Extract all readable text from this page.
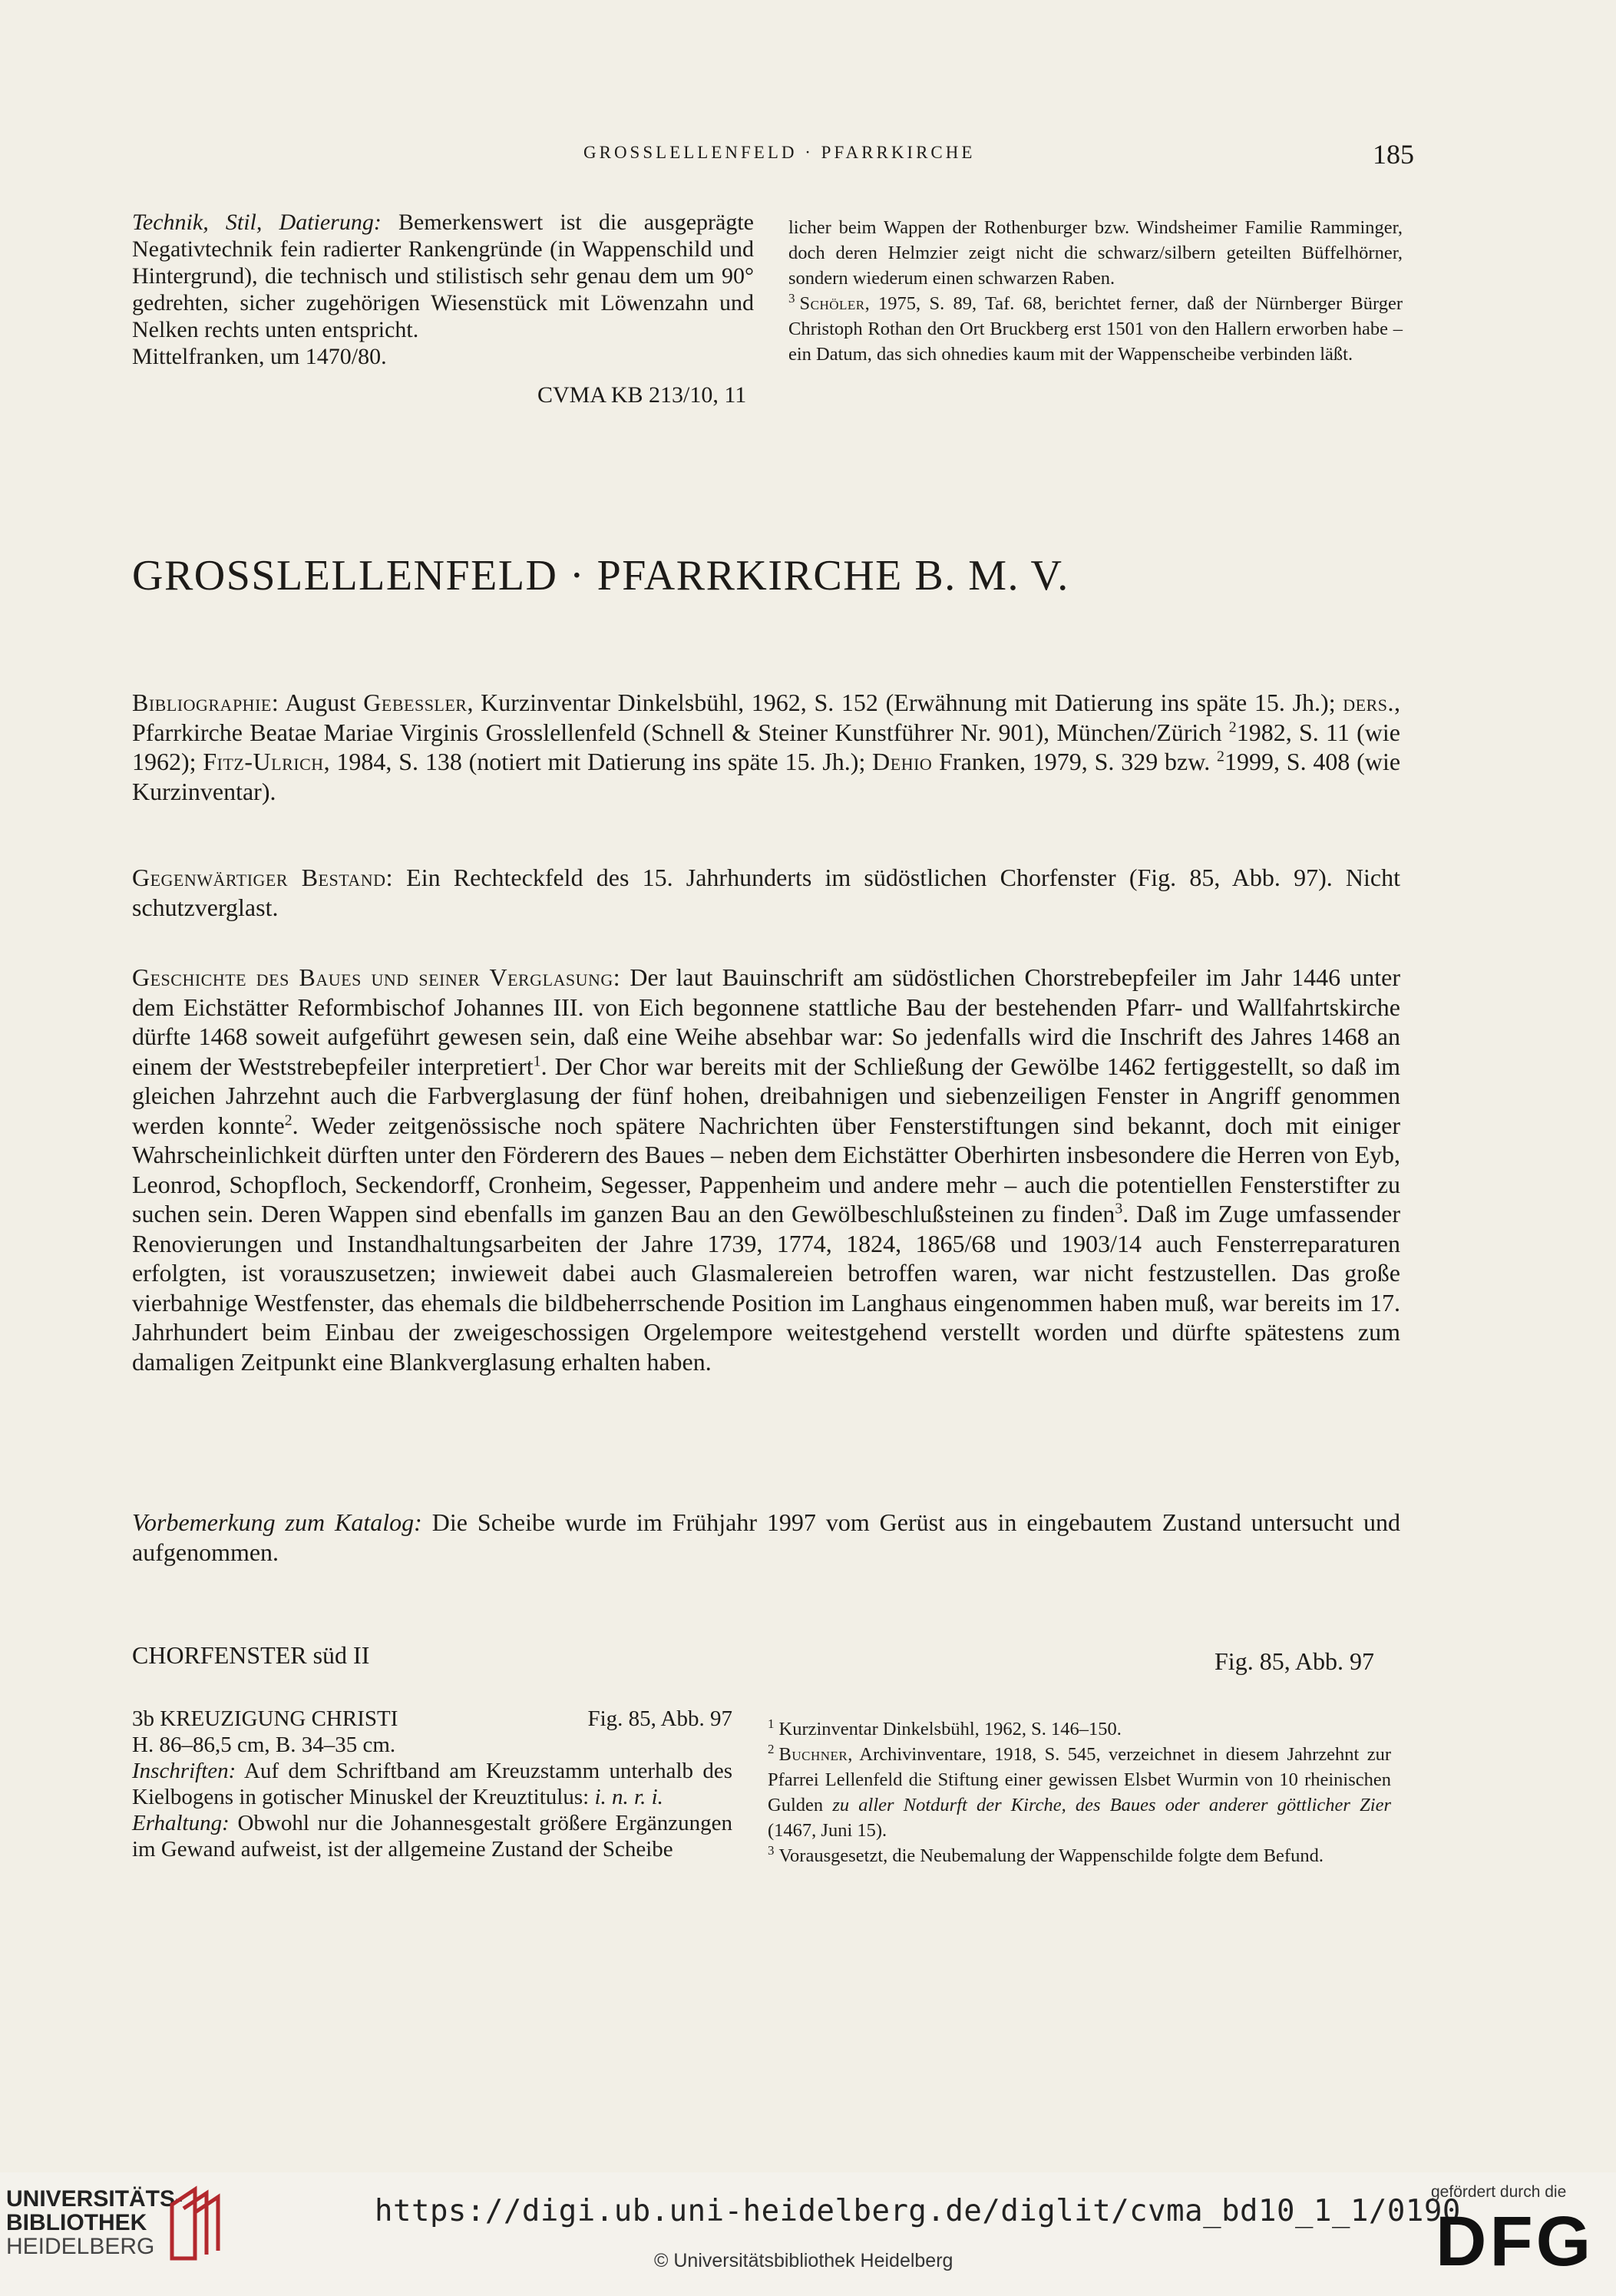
GROSSLELLENFELD · PFARRKIRCHE	185

Technik, Stil, Datierung: Bemerkenswert ist die ausgeprägte Negativtechnik fein radierter Rankengründe (in Wappenschild und Hintergrund), die technisch und stilistisch sehr genau dem um 90° gedrehten, sicher zugehörigen Wiesenstück mit Löwenzahn und Nelken rechts unten entspricht.

Mittelfranken, um 1470/80.

CVMA KB 213/10, 11

licher beim Wappen der Rothenburger bzw. Windsheimer Familie Ramminger, doch deren Helmzier zeigt nicht die schwarz/silbern geteilten Büffelhörner, sondern wiederum einen schwarzen Raben.

$^3$ Schöler, 1975, S. 89, Taf. 68, berichtet ferner, daß der Nürnberger Bürger Christoph Rothan den Ort Bruckberg erst 1501 von den Hallern erworben habe – ein Datum, das sich ohnedies kaum mit der Wappenscheibe verbinden läßt.

GROSSLELLENFELD · PFARRKIRCHE B. M. V.

Bibliographie: August Gebessler, Kurzinventar Dinkelsbühl, 1962, S. 152 (Erwähnung mit Datierung ins späte 15. Jh.); ders., Pfarrkirche Beatae Mariae Virginis Grosslellenfeld (Schnell & Steiner Kunstführer Nr. 901), München/Zürich $^2$1982, S. 11 (wie 1962); Fitz-Ulrich, 1984, S. 138 (notiert mit Datierung ins späte 15. Jh.); Dehio Franken, 1979, S. 329 bzw. $^2$1999, S. 408 (wie Kurzinventar).

Gegenwärtiger Bestand: Ein Rechteckfeld des 15. Jahrhunderts im südöstlichen Chorfenster (Fig. 85, Abb. 97). Nicht schutzverglast.

Geschichte des Baues und seiner Verglasung: Der laut Bauinschrift am südöstlichen Chorstrebepfeiler im Jahr 1446 unter dem Eichstätter Reformbischof Johannes III. von Eich begonnene stattliche Bau der bestehenden Pfarr- und Wallfahrtskirche dürfte 1468 soweit aufgeführt gewesen sein, daß eine Weihe absehbar war: So jedenfalls wird die Inschrift des Jahres 1468 an einem der Weststrebepfeiler interpretiert$^1$. Der Chor war bereits mit der Schließung der Gewölbe 1462 fertiggestellt, so daß im gleichen Jahrzehnt auch die Farbverglasung der fünf hohen, dreibahnigen und siebenzeiligen Fenster in Angriff genommen werden konnte$^2$. Weder zeitgenössische noch spätere Nachrichten über Fensterstiftungen sind bekannt, doch mit einiger Wahrscheinlichkeit dürften unter den Förderern des Baues – neben dem Eichstätter Oberhirten insbesondere die Herren von Eyb, Leonrod, Schopfloch, Seckendorff, Cronheim, Segesser, Pappenheim und andere mehr – auch die potentiellen Fensterstifter zu suchen sein. Deren Wappen sind ebenfalls im ganzen Bau an den Gewölbeschlußsteinen zu finden$^3$. Daß im Zuge umfassender Renovierungen und Instandhaltungsarbeiten der Jahre 1739, 1774, 1824, 1865/68 und 1903/14 auch Fensterreparaturen erfolgten, ist vorauszusetzen; inwieweit dabei auch Glasmalereien betroffen waren, war nicht festzustellen. Das große vierbahnige Westfenster, das ehemals die bildbeherrschende Position im Langhaus eingenommen haben muß, war bereits im 17. Jahrhundert beim Einbau der zweigeschossigen Orgelempore weitestgehend verstellt worden und dürfte spätestens zum damaligen Zeitpunkt eine Blankverglasung erhalten haben.

Vorbemerkung zum Katalog: Die Scheibe wurde im Frühjahr 1997 vom Gerüst aus in eingebautem Zustand untersucht und aufgenommen.

CHORFENSTER süd II	Fig. 85, Abb. 97
3b KREUZIGUNG CHRISTI	Fig. 85, Abb. 97

H. 86–86,5 cm, B. 34–35 cm.

Inschriften: Auf dem Schriftband am Kreuzstamm unterhalb des Kielbogens in gotischer Minuskel der Kreuztitulus: i. n. r. i.

Erhaltung: Obwohl nur die Johannesgestalt größere Ergänzungen im Gewand aufweist, ist der allgemeine Zustand der Scheibe

$^1$ Kurzinventar Dinkelsbühl, 1962, S. 146–150.

$^2$ Buchner, Archivinventare, 1918, S. 545, verzeichnet in diesem Jahrzehnt zur Pfarrei Lellenfeld die Stiftung einer gewissen Elsbet Wurmin von 10 rheinischen Gulden zu aller Notdurft der Kirche, des Baues oder anderer göttlicher Zier (1467, Juni 15).

$^3$ Vorausgesetzt, die Neubemalung der Wappenschilde folgte dem Befund.

UNIVERSITÄTS-
BIBLIOTHEK
HEIDELBERG
https://digi.ub.uni-heidelberg.de/diglit/cvma_bd10_1_1/0190
© Universitätsbibliothek Heidelberg
gefördert durch die
DFG
